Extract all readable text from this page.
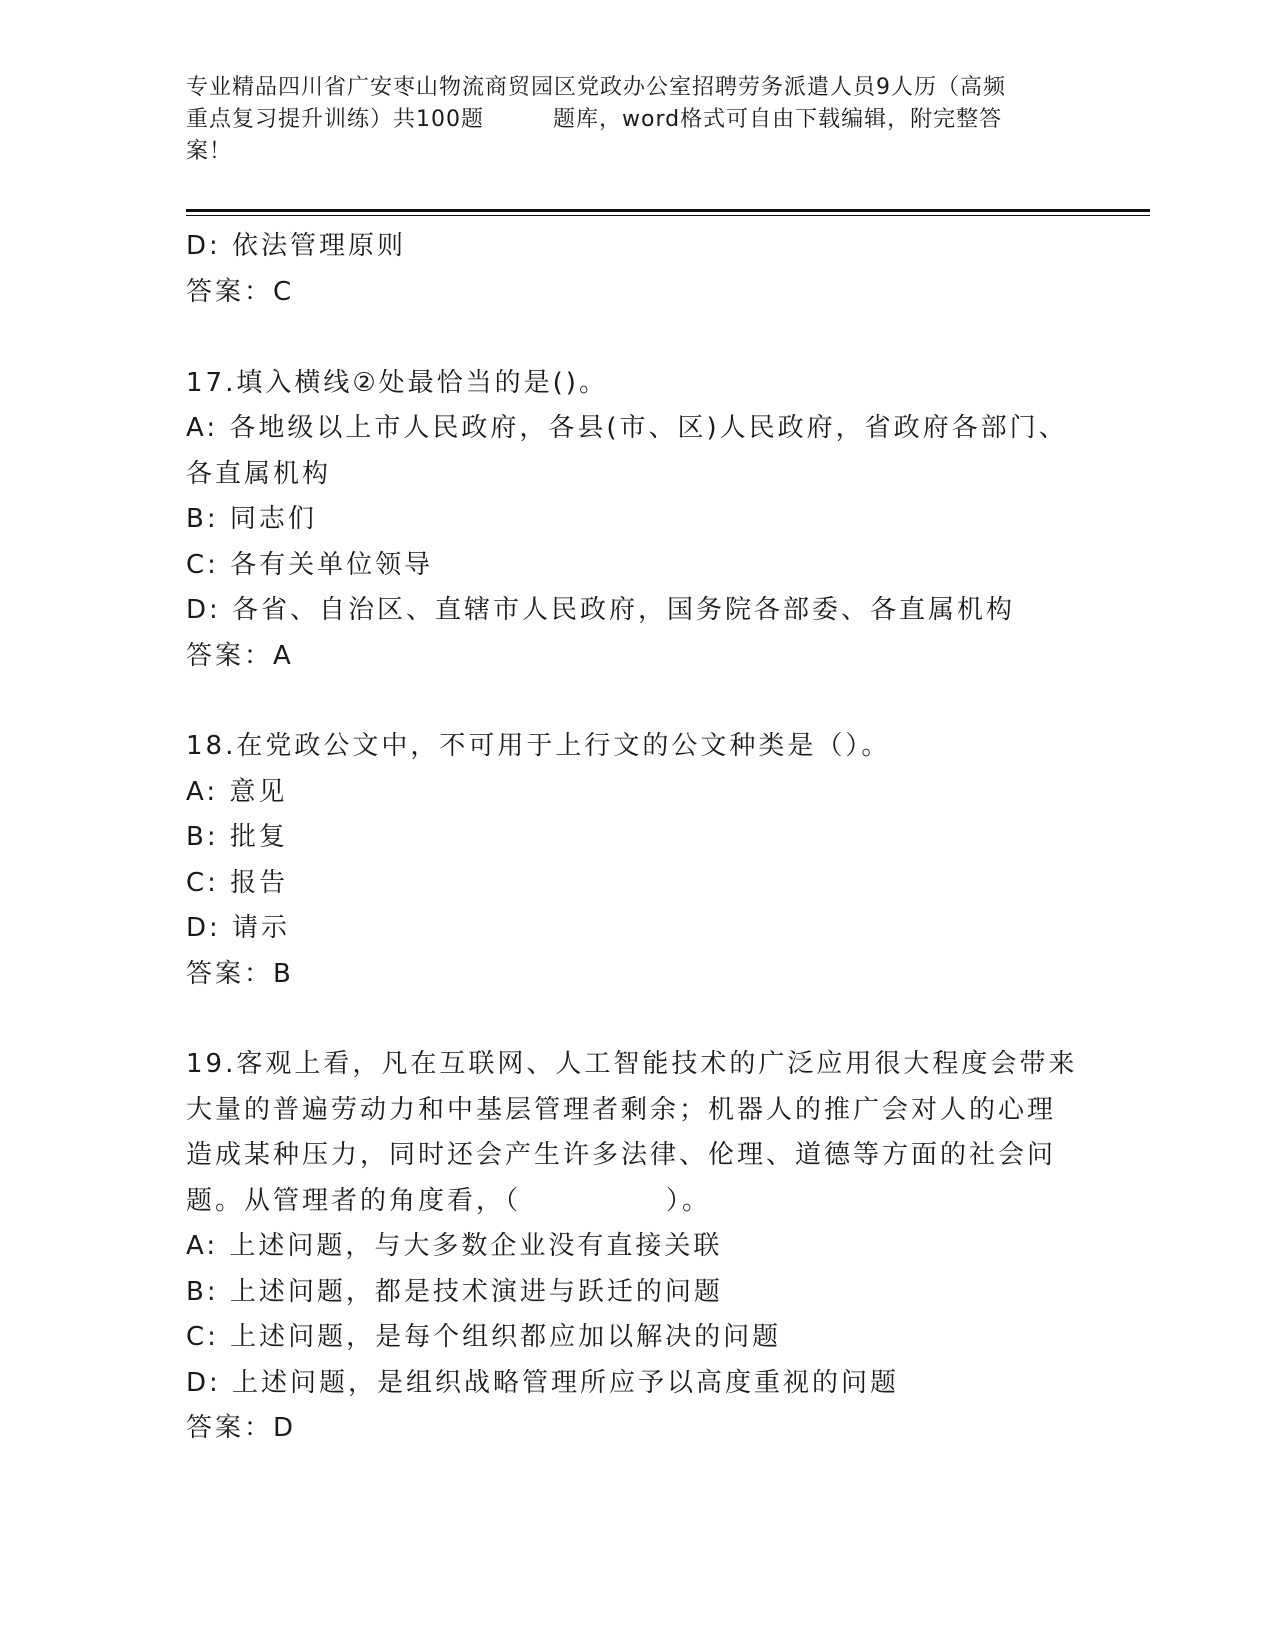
专业精品四川省广安枣山物流商贸园区党政办公室招聘劳务派遣人员9人历（高频
重点复习提升训练）共100题　　　题库，word格式可自由下载编辑，附完整答
案！
D: 依法管理原则
答案：C
17.填入横线②处最恰当的是()。
A: 各地级以上市人民政府，各县(市、区)人民政府，省政府各部门、
各直属机构
B: 同志们
C: 各有关单位领导
D: 各省、自治区、直辖市人民政府，国务院各部委、各直属机构
答案：A
18.在党政公文中，不可用于上行文的公文种类是（）。
A: 意见
B: 批复
C: 报告
D: 请示
答案：B
19.客观上看，凡在互联网、人工智能技术的广泛应用很大程度会带来
大量的普遍劳动力和中基层管理者剩余；机器人的推广会对人的心理
造成某种压力，同时还会产生许多法律、伦理、道德等方面的社会问
题。从管理者的角度看，（　　　　　）。
A: 上述问题，与大多数企业没有直接关联
B: 上述问题，都是技术演进与跃迁的问题
C: 上述问题，是每个组织都应加以解决的问题
D: 上述问题，是组织战略管理所应予以高度重视的问题
答案：D
